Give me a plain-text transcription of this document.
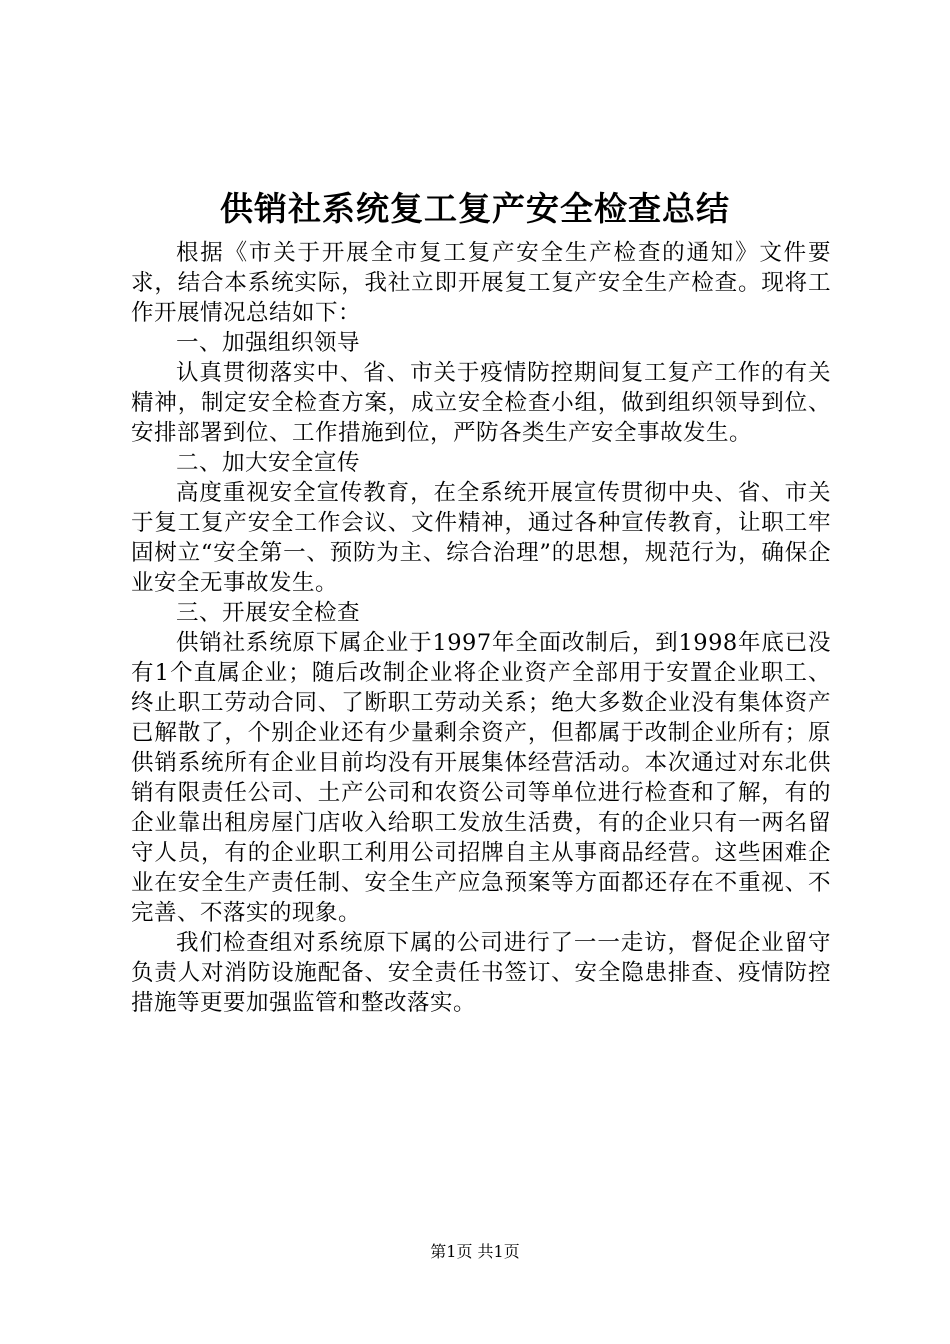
供销社系统复工复产安全检查总结

根据《市关于开展全市复工复产安全生产检查的通知》文件要求，结合本系统实际，我社立即开展复工复产安全生产检查。现将工作开展情况总结如下：

一、加强组织领导

认真贯彻落实中、省、市关于疫情防控期间复工复产工作的有关精神，制定安全检查方案，成立安全检查小组，做到组织领导到位、安排部署到位、工作措施到位，严防各类生产安全事故发生。

二、加大安全宣传

高度重视安全宣传教育，在全系统开展宣传贯彻中央、省、市关于复工复产安全工作会议、文件精神，通过各种宣传教育，让职工牢固树立“安全第一、预防为主、综合治理”的思想，规范行为，确保企业安全无事故发生。

三、开展安全检查

供销社系统原下属企业于1997年全面改制后，到1998年底已没有1个直属企业；随后改制企业将企业资产全部用于安置企业职工、终止职工劳动合同、了断职工劳动关系；绝大多数企业没有集体资产已解散了，个别企业还有少量剩余资产，但都属于改制企业所有；原供销系统所有企业目前均没有开展集体经营活动。本次通过对东北供销有限责任公司、土产公司和农资公司等单位进行检查和了解，有的企业靠出租房屋门店收入给职工发放生活费，有的企业只有一两名留守人员，有的企业职工利用公司招牌自主从事商品经营。这些困难企业在安全生产责任制、安全生产应急预案等方面都还存在不重视、不完善、不落实的现象。

我们检查组对系统原下属的公司进行了一一走访，督促企业留守负责人对消防设施配备、安全责任书签订、安全隐患排查、疫情防控措施等更要加强监管和整改落实。

第1页 共1页
